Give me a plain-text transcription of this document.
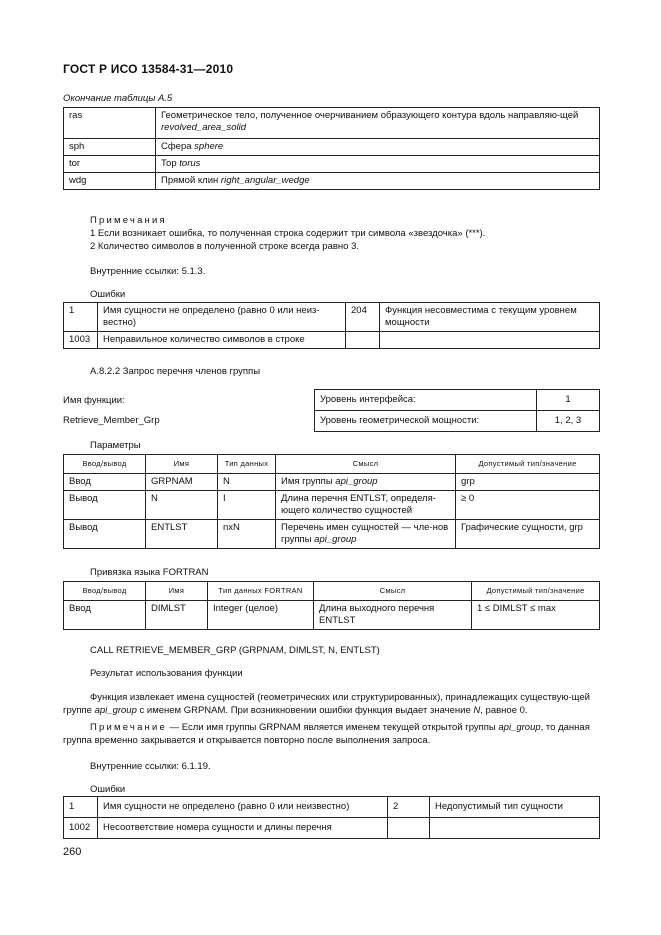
ГОСТ Р ИСО 13584-31—2010
Окончание таблицы А.5
ras	Геометрическое тело, полученное очерчиванием образующего контура вдоль направляю-щей revolved_area_solid
sph	Сфера sphere
tor	Тор torus
wdg	Прямой клин right_angular_wedge
Примечания
1 Если возникает ошибка, то полученная строка содержит три символа «звездочка» (***).
2 Количество символов в полученной строке всегда равно 3.
Внутренние ссылки: 5.1.3.
Ошибки
1	Имя сущности не определено (равно 0 или неиз-вестно)	204	Функция несовместима с текущим уровнем мощности
1003	Неправильное количество символов в строке		
A.8.2.2 Запрос перечня членов группы
Имя функции:
Retrieve_Member_Grp
Уровень интерфейса:	1
Уровень геометрической мощности:	1, 2, 3
Параметры
Ввод/вывод	Имя	Тип данных	Смысл	Допустимый тип/значение
Ввод	GRPNAM	N	Имя группы api_group	grp
Вывод	N	I	Длина перечня ENTLST, определя-ющего количество сущностей	≥ 0
Вывод	ENTLST	nxN	Перечень имен сущностей — чле-нов группы api_group	Графические сущности, grp
Привязка языка FORTRAN
Ввод/вывод	Имя	Тип данных FORTRAN	Смысл	Допустимый тип/значение
Ввод	DIMLST	Integer (целое)	Длина выходного перечня ENTLST	1 ≤ DIMLST ≤ max
CALL RETRIEVE_MEMBER_GRP (GRPNAM, DIMLST, N, ENTLST)
Результат использования функции
Функция извлекает имена сущностей (геометрических или структурированных), принадлежащих существую-щей группе api_group с именем GRPNAM. При возникновении ошибки функция выдает значение N, равное 0.
Примечание — Если имя группы GRPNAM является именем текущей открытой группы api_group, то данная группа временно закрывается и открывается повторно после выполнения запроса.
Внутренние ссылки: 6.1.19.
Ошибки
1	Имя сущности не определено (равно 0 или неизвестно)	2	Недопустимый тип сущности
1002	Несоответствие номера сущности и длины перечня		
260
